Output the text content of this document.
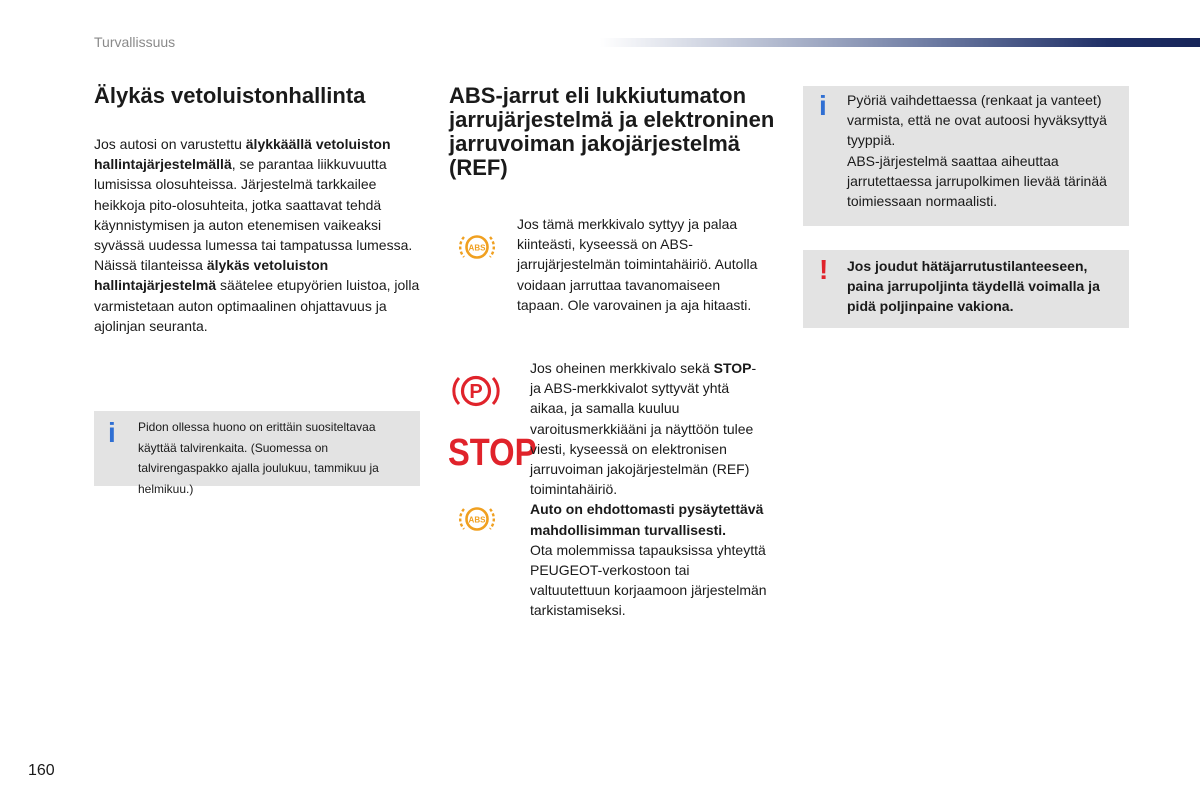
Turvallissuus
Älykäs vetoluistonhallinta

Jos autosi on varustettu älykkäällä vetoluiston hallintajärjestelmällä, se parantaa liikkuvuutta lumisissa olosuhteissa. Järjestelmä tarkkailee heikkoja pito-olosuhteita, jotka saattavat tehdä käynnistymisen ja auton etenemisen vaikeaksi syvässä uudessa lumessa tai tampatussa lumessa.

Näissä tilanteissa älykäs vetoluiston hallintajärjestelmä säätelee etupyörien luistoa, jolla varmistetaan auton optimaalinen ohjattavuus ja ajolinjan seuranta.

i Pidon ollessa huono on erittäin suositeltavaa käyttää talvirenkaita. (Suomessa on talvirengaspakko ajalla joulukuu, tammikuu ja helmikuu.)
ABS-jarrut eli lukkiutumaton jarrujärjestelmä ja elektroninen jarruvoiman jakojärjestelmä (REF)
ABS
Jos tämä merkkivalo syttyy ja palaa kiinteästi, kyseessä on ABS-jarrujärjestelmän toimintahäiriö. Autolla voidaan jarruttaa tavanomaiseen tapaan. Ole varovainen ja aja hitaasti.
P
STOP
ABS

Jos oheinen merkkivalo sekä STOP- ja ABS-merkkivalot syttyvät yhtä aikaa, ja samalla kuuluu varoitusmerkkiääni ja näyttöön tulee viesti, kyseessä on elektronisen jarruvoiman jakojärjestelmän (REF) toimintahäiriö.

Auto on ehdottomasti pysäytettävä mahdollisimman turvallisesti.

Ota molemmissa tapauksissa yhteyttä PEUGEOT-verkostoon tai valtuutettuun korjaamoon järjestelmän tarkistamiseksi.

i Pyöriä vaihdettaessa (renkaat ja vanteet) varmista, että ne ovat autoosi hyväksyttyä tyyppiä.

ABS-järjestelmä saattaa aiheuttaa jarrutettaessa jarrupolkimen lievää tärinää toimiessaan normaalisti.

! Jos joudut hätäjarrutustilanteeseen, paina jarrupoljinta täydellä voimalla ja pidä poljinpaine vakiona.
160
